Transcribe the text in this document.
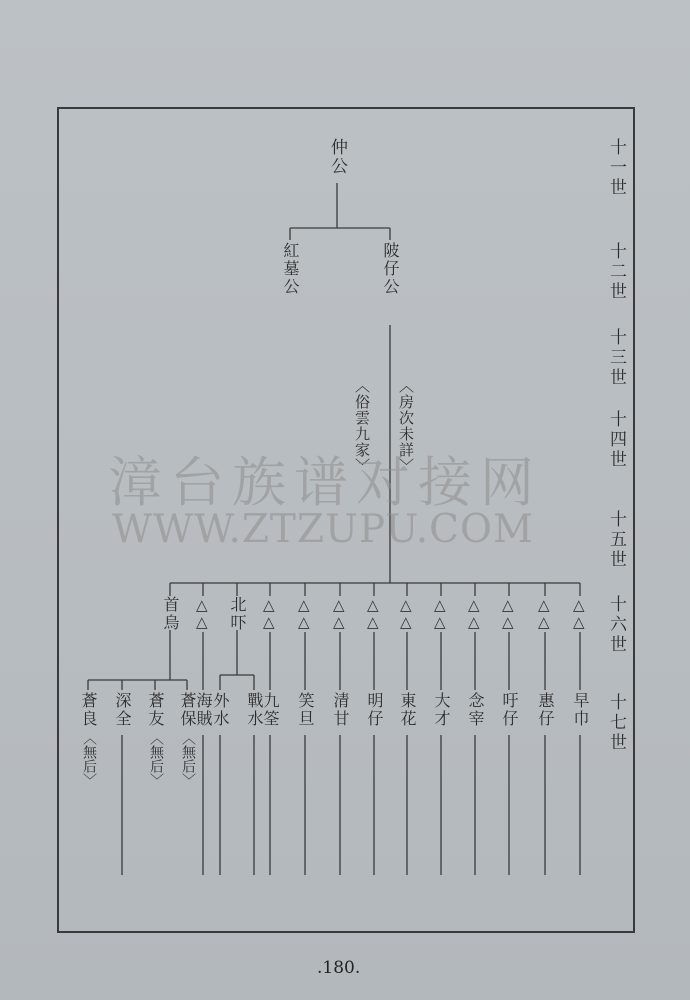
十一世
十二世
十三世
十四世
十五世
十六世
十七世
仲公
紅墓公	陂仔公
︿俗雲九家﹀ ︿房次未詳﹀
首烏	北吓
△
△
△
△
△
△
△
△
△
△
△
△
△
△
△
△
△
△
△
△
△
△
蒼良
︿無后﹀
深全 蒼友
︿無后﹀
蒼保
︿無后﹀
海賊
外水 戰水
九筌 笑旦 清甘 明仔 東花 大才 念宰 吁仔 惠仔 早巾
漳台族谱对接网
WWW.ZTZUPU.COM
.180.
